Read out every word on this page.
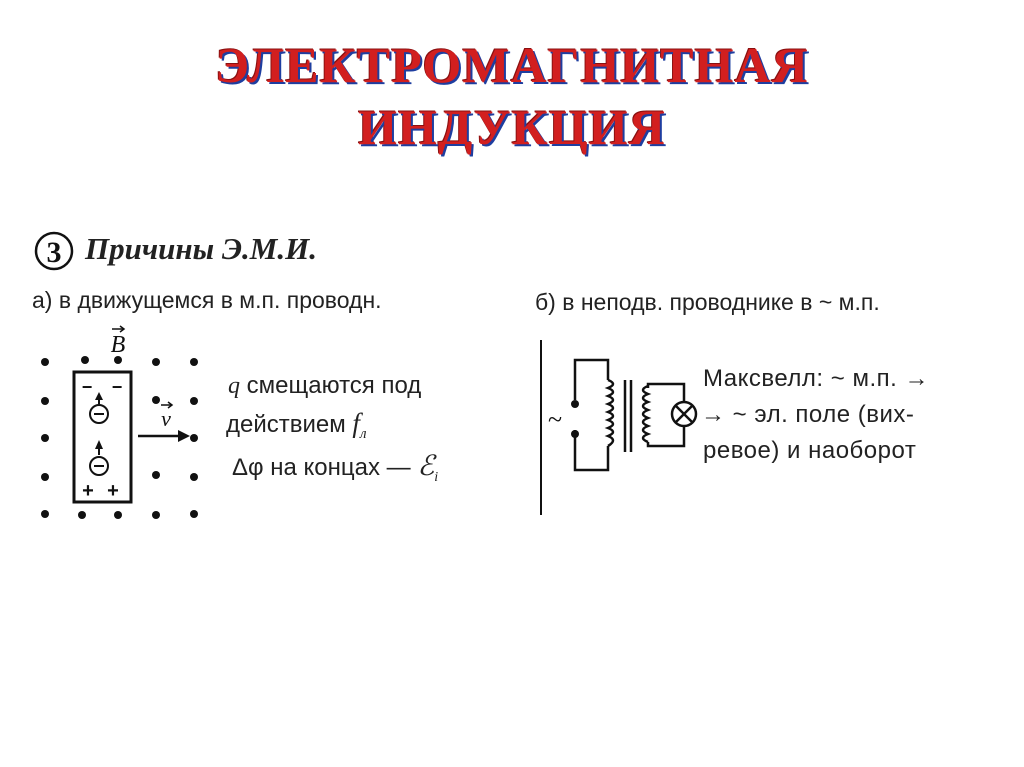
ЭЛЕКТРОМАГНИТНАЯ
ИНДУКЦИЯ
3
B
− −
+ +
v	~
Причины Э.М.И.
а) в движущемся в м.п. проводн.	б) в неподв. проводнике в ~ м.п.
q смещаются под
действием $f_л$
Δφ на концах — ℰ$_i$
Максвелл: ~ м.п. →
→ ~ эл. поле (вих-
ревое) и наоборот
